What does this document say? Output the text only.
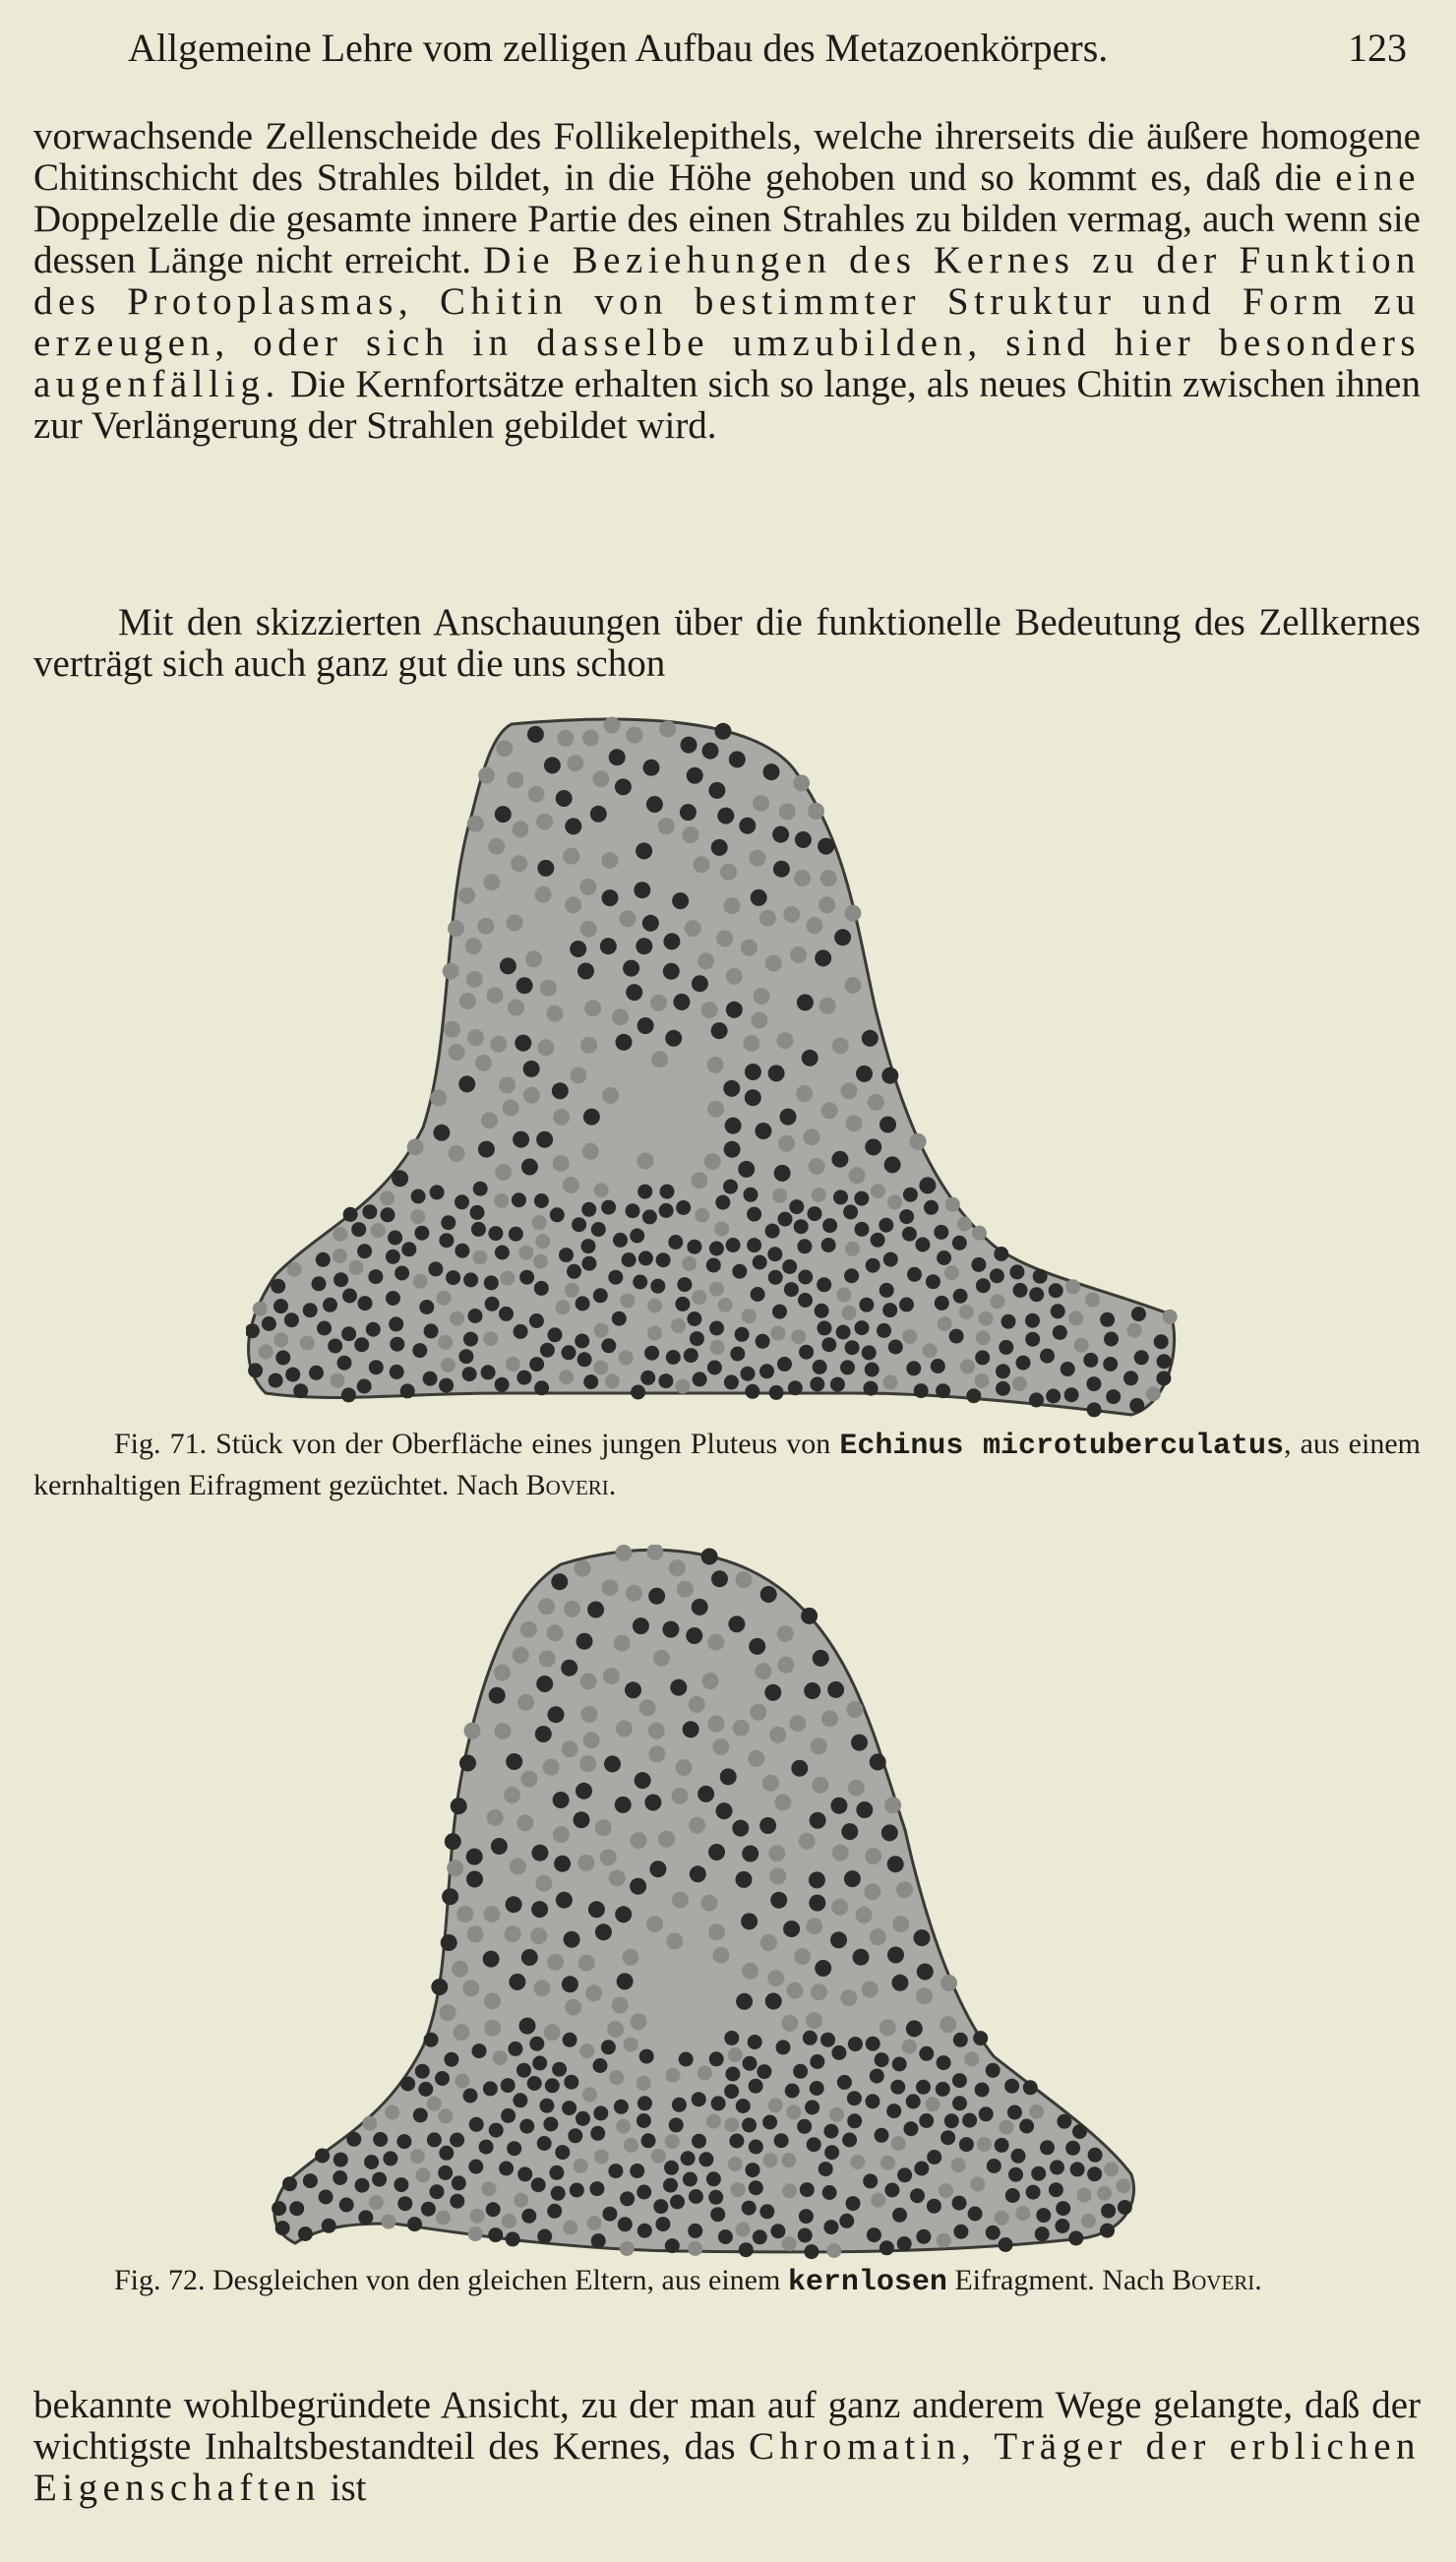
Allgemeine Lehre vom zelligen Aufbau des Metazoenkörpers.	123

vorwachsende Zellenscheide des Follikelepithels, welche ihrerseits die äußere homogene Chitinschicht des Strahles bildet, in die Höhe gehoben und so kommt es, daß die eine Doppelzelle die gesamte innere Partie des einen Strahles zu bilden vermag, auch wenn sie dessen Länge nicht erreicht. Die Beziehungen des Kernes zu der Funktion des Protoplasmas, Chitin von bestimmter Struktur und Form zu erzeugen, oder sich in dasselbe umzubilden, sind hier besonders augenfällig. Die Kernfortsätze erhalten sich so lange, als neues Chitin zwischen ihnen zur Verlängerung der Strahlen gebildet wird.

Mit den skizzierten Anschauungen über die funktionelle Bedeutung des Zellkernes verträgt sich auch ganz gut die uns schon

Fig. 71. Stück von der Oberfläche eines jungen Pluteus von Echinus microtuberculatus, aus einem kernhaltigen Eifragment gezüchtet. Nach Boveri.
Fig. 72. Desgleichen von den gleichen Eltern, aus einem kernlosen Eifragment. Nach Boveri.

bekannte wohlbegründete Ansicht, zu der man auf ganz anderem Wege gelangte, daß der wichtigste Inhaltsbestandteil des Kernes, das Chromatin, Träger der erblichen Eigenschaften ist
